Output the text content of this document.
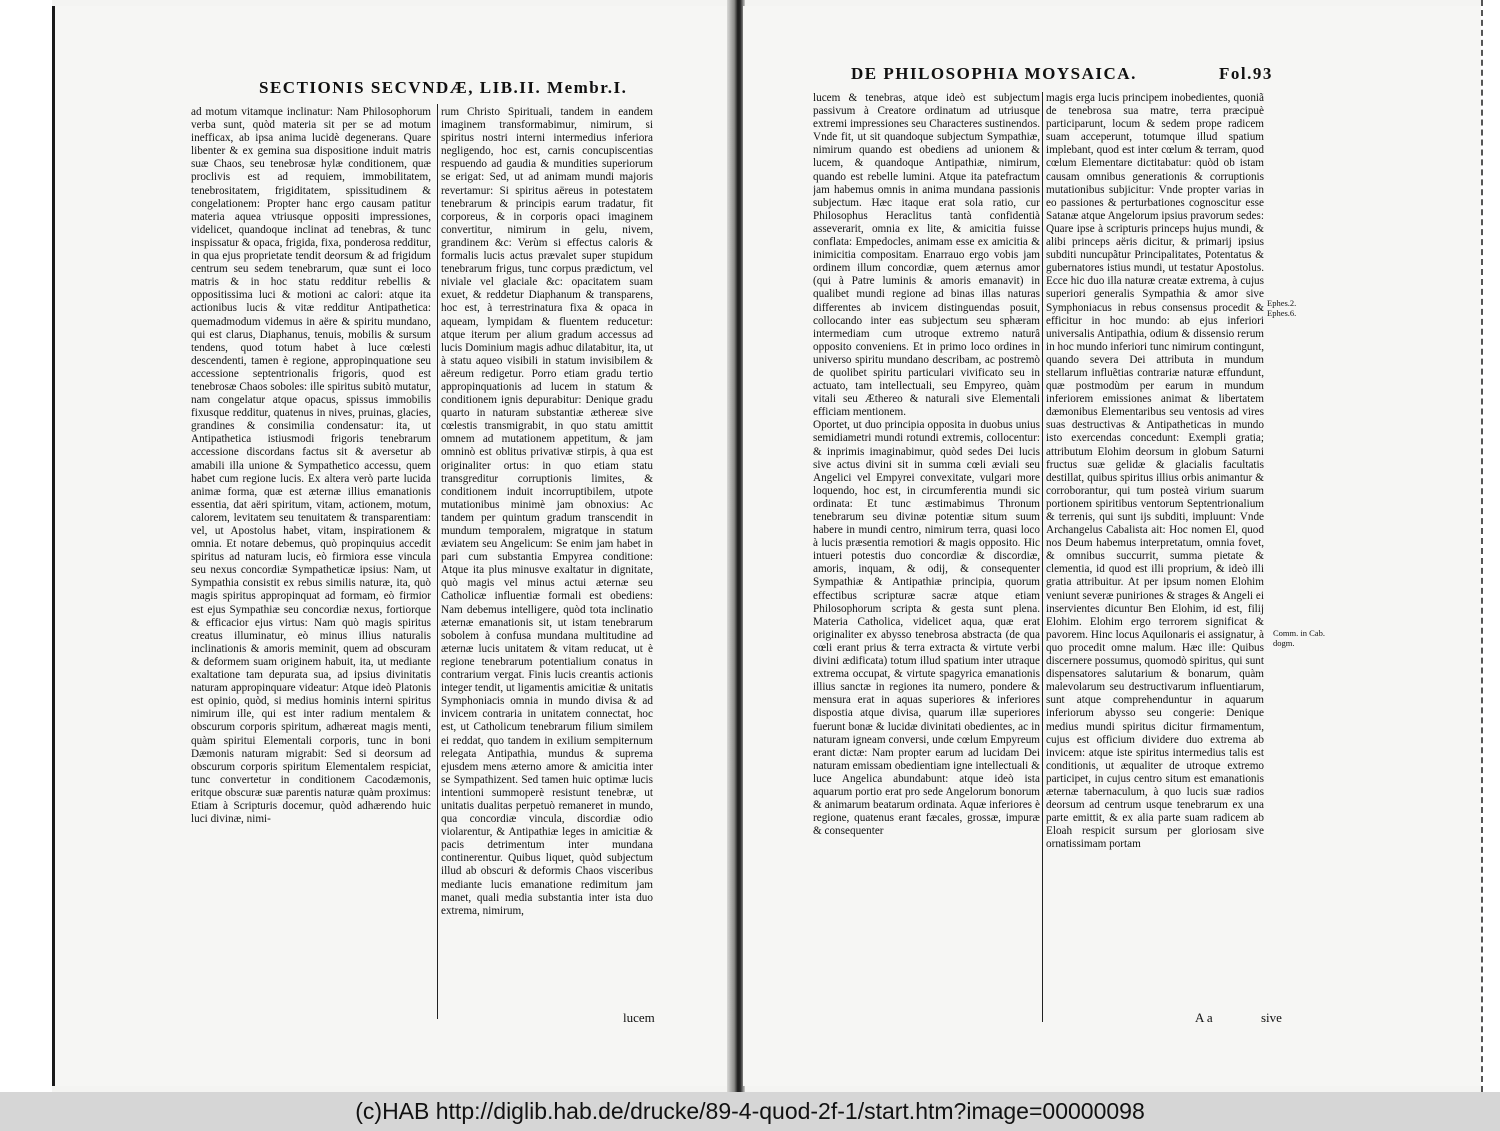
SECTIONIS SECVNDÆ, LIB.II. Membr.I.

ad motum vitamque inclinatur: Nam Philosophorum verba sunt, quòd materia sit per se ad motum inefficax, ab ipsa anima lucidè degenerans. Quare libenter & ex gemina sua dispositione induit matris suæ Chaos, seu tenebrosæ hylæ conditionem, quæ proclivis est ad requiem, immobilitatem, tenebrositatem, frigiditatem, spissitudinem & congelationem: Propter hanc ergo causam patitur materia aquea vtriusque oppositi impressiones, videlicet, quandoque inclinat ad tenebras, & tunc inspissatur & opaca, frigida, fixa, ponderosa redditur, in qua ejus proprietate tendit deorsum & ad frigidum centrum seu sedem tenebrarum, quæ sunt ei loco matris & in hoc statu redditur rebellis & oppositissima luci & motioni ac calori: atque ita actionibus lucis & vitæ redditur Antipathetica: quemadmodum videmus in aëre & spiritu mundano, qui est clarus, Diaphanus, tenuis, mobilis & sursum tendens, quod totum habet à luce cœlesti descendenti, tamen è regione, appropinquatione seu accessione septentrionalis frigoris, quod est tenebrosæ Chaos soboles: ille spiritus subitò mutatur, nam congelatur atque opacus, spissus immobilis fixusque redditur, quatenus in nives, pruinas, glacies, grandines & consimilia condensatur: ita, ut Antipathetica istiusmodi frigoris tenebrarum accessione discordans factus sit & aversetur ab amabili illa unione & Sympathetico accessu, quem habet cum regione lucis. Ex altera verò parte lucida animæ forma, quæ est æternæ illius emanationis essentia, dat aëri spiritum, vitam, actionem, motum, calorem, levitatem seu tenuitatem & transparentiam: vel, ut Apostolus habet, vitam, inspirationem & omnia. Et notare debemus, quò propinquius accedit spiritus ad naturam lucis, eò firmiora esse vincula seu nexus concordiæ Sympatheticæ ipsius: Nam, ut Sympathia consistit ex rebus similis naturæ, ita, quò magis spiritus appropinquat ad formam, eò firmior est ejus Sympathiæ seu concordiæ nexus, fortiorque & efficacior ejus virtus: Nam quò magis spiritus creatus illuminatur, eò minus illius naturalis inclinationis & amoris meminit, quem ad obscuram & deformem suam originem habuit, ita, ut mediante exaltatione tam depurata sua, ad ipsius divinitatis naturam appropinquare videatur: Atque ideò Platonis est opinio, quòd, si medius hominis interni spiritus nimirum ille, qui est inter radium mentalem & obscurum corporis spiritum, adhæreat magis menti, quàm spiritui Elementali corporis, tunc in boni Dæmonis naturam migrabit: Sed si deorsum ad obscurum corporis spiritum Elementalem respiciat, tunc convertetur in conditionem Cacodæmonis, eritque obscuræ suæ parentis naturæ quàm proximus: Etiam à Scripturis docemur, quòd adhærendo huic luci divinæ, nimi-

rum Christo Spirituali, tandem in eandem imaginem transformabimur, nimirum, si spiritus nostri interni intermedius inferiora negligendo, hoc est, carnis concupiscentias respuendo ad gaudia & mundities superiorum se erigat: Sed, ut ad animam mundi majoris revertamur: Si spiritus aëreus in potestatem tenebrarum & principis earum tradatur, fit corporeus, & in corporis opaci imaginem convertitur, nimirum in gelu, nivem, grandinem &c: Verùm si effectus caloris & formalis lucis actus prævalet super stupidum tenebrarum frigus, tunc corpus prædictum, vel niviale vel glaciale &c: opacitatem suam exuet, & reddetur Diaphanum & transparens, hoc est, à terrestrinatura fixa & opaca in aqueam, lympidam & fluentem reducetur: atque iterum per alium gradum accessus ad lucis Dominium magis adhuc dilatabitur, ita, ut à statu aqueo visibili in statum invisibilem & aëreum redigetur. Porro etiam gradu tertio appropinquationis ad lucem in statum & conditionem ignis depurabitur: Denique gradu quarto in naturam substantiæ æthereæ sive cœlestis transmigrabit, in quo statu amittit omnem ad mutationem appetitum, & jam omninò est oblitus privativæ stirpis, à qua est originaliter ortus: in quo etiam statu transgreditur corruptionis limites, & conditionem induit incorruptibilem, utpote mutationibus minimè jam obnoxius: Ac tandem per quintum gradum transcendit in mundum temporalem, migratque in statum æviatem seu Angelicum: Se enim jam habet in pari cum substantia Empyrea conditione: Atque ita plus minusve exaltatur in dignitate, quò magis vel minus actui æternæ seu Catholicæ influentiæ formali est obediens: Nam debemus intelligere, quòd tota inclinatio æternæ emanationis sit, ut istam tenebrarum sobolem à confusa mundana multitudine ad æternæ lucis unitatem & vitam reducat, ut è regione tenebrarum potentialium conatus in contrarium vergat. Finis lucis creantis actionis integer tendit, ut ligamentis amicitiæ & unitatis Symphoniacis omnia in mundo divisa & ad invicem contraria in unitatem connectat, hoc est, ut Catholicum tenebrarum filium similem ei reddat, quo tandem in exilium sempiternum relegata Antipathia, mundus & suprema ejusdem mens æterno amore & amicitia inter se Sympathizent. Sed tamen huic optimæ lucis intentioni summoperè resistunt tenebræ, ut unitatis dualitas perpetuò remaneret in mundo, qua concordiæ vincula, discordiæ odio violarentur, & Antipathiæ leges in amicitiæ & pacis detrimentum inter mundana continerentur. Quibus liquet, quòd subjectum illud ab obscuri & deformis Chaos visceribus mediante lucis emanatione redimitum jam manet, quali media substantia inter ista duo extrema, nimirum,

lucem
DE PHILOSOPHIA MOYSAICA.	Fol.93

lucem & tenebras, atque ideò est subjectum passivum à Creatore ordinatum ad utriusque extremi impressiones seu Characteres sustinendos. Vnde fit, ut sit quandoque subjectum Sympathiæ, nimirum quando est obediens ad unionem & lucem, & quandoque Antipathiæ, nimirum, quando est rebelle lumini. Atque ita patefractum jam habemus omnis in anima mundana passionis subjectum. Hæc itaque erat sola ratio, cur Philosophus Heraclitus tantà confidentià asseverarit, omnia ex lite, & amicitia fuisse conflata: Empedocles, animam esse ex amicitia & inimicitia compositam. Enarrauo ergo vobis jam ordinem illum concordiæ, quem æternus amor (qui à Patre luminis & amoris emanavit) in qualibet mundi regione ad binas illas naturas differentes ab invicem distinguendas posuit, collocando inter eas subjectum seu sphæram intermediam cum utroque extremo naturâ opposito conveniens. Et in primo loco ordines in universo spiritu mundano describam, ac postremò de quolibet spiritu particulari vivificato seu in actuato, tam intellectuali, seu Empyreo, quàm vitali seu Æthereo & naturali sive Elementali efficiam mentionem.
Oportet, ut duo principia opposita in duobus unius semidiametri mundi rotundi extremis, collocentur: & inprimis imaginabimur, quòd sedes Dei lucis sive actus divini sit in summa cœli æviali seu Angelici vel Empyrei convexitate, vulgari more loquendo, hoc est, in circumferentia mundi sic ordinata: Et tunc æstimabimus Thronum tenebrarum seu divinæ potentiæ situm suum habere in mundi centro, nimirum terra, quasi loco à lucis præsentia remotiori & magis opposito. Hic intueri potestis duo concordiæ & discordiæ, amoris, inquam, & odij, & consequenter Sympathiæ & Antipathiæ principia, quorum effectibus scripturæ sacræ atque etiam Philosophorum scripta & gesta sunt plena. Materia Catholica, videlicet aqua, quæ erat originaliter ex abysso tenebrosa abstracta (de qua cœli erant prius & terra extracta & virtute verbi divini ædificata) totum illud spatium inter utraque extrema occupat, & virtute spagyrica emanationis illius sanctæ in regiones ita numero, pondere & mensura erat in aquas superiores & inferiores dispostia atque divisa, quarum illæ superiores fuerunt bonæ & lucidæ divinitati obedientes, ac in naturam igneam conversi, unde cœlum Empyreum erant dictæ: Nam propter earum ad lucidam Dei naturam emissam obedientiam igne intellectuali & luce Angelica abundabunt: atque ideò ista aquarum portio erat pro sede Angelorum bonorum & animarum beatarum ordinata. Aquæ inferiores è regione, quatenus erant fæcales, grossæ, impuræ & consequenter

magis erga lucis principem inobedientes, quoniã de tenebrosa sua matre, terra præcipuè participarunt, locum & sedem prope radicem suam acceperunt, totumque illud spatium implebant, quod est inter cœlum & terram, quod cœlum Elementare dictitabatur: quòd ob istam causam omnibus generationis & corruptionis mutationibus subjicitur: Vnde propter varias in eo passiones & perturbationes cognoscitur esse Satanæ atque Angelorum ipsius pravorum sedes: Quare ipse à scripturis princeps hujus mundi, & alibi princeps aëris dicitur, & primarij ipsius subditi nuncupãtur Principalitates, Potentatus & gubernatores istius mundi, ut testatur Apostolus. Ecce hic duo illa naturæ creatæ extrema, à cujus superiori generalis Sympathia & amor sive Symphoniacus in rebus consensus procedit & efficitur in hoc mundo: ab ejus inferiori universalis Antipathia, odium & dissensio rerum in hoc mundo inferiori tunc nimirum contingunt, quando severa Dei attributa in mundum stellarum influẽtias contrariæ naturæ effundunt, quæ postmodùm per earum in mundum inferiorem emissiones animat & libertatem dæmonibus Elementaribus seu ventosis ad vires suas destructivas & Antipatheticas in mundo isto exercendas concedunt: Exempli gratia; attributum Elohim deorsum in globum Saturni fructus suæ gelidæ & glacialis facultatis destillat, quibus spiritus illius orbis animantur & corroborantur, qui tum posteà virium suarum portionem spiritibus ventorum Septentrionalium & terrenis, qui sunt ijs subditi, impluunt: Vnde Archangelus Cabalista ait: Hoc nomen El, quod nos Deum habemus interpretatum, omnia fovet, & omnibus succurrit, summa pietate & clementia, id quod est illi proprium, & ideò illi gratia attribuitur. At per ipsum nomen Elohim veniunt severæ puniriones & strages & Angeli ei inservientes dicuntur Ben Elohim, id est, filij Elohim. Elohim ergo terrorem significat & pavorem. Hinc locus Aquilonaris ei assignatur, à quo procedit omne malum. Hæc ille: Quibus discernere possumus, quomodò spiritus, qui sunt dispensatores salutarium & bonarum, quàm malevolarum seu destructivarum influentiarum, sunt atque comprehenduntur in aquarum inferiorum abysso seu congerie: Denique medius mundi spiritus dicitur firmamentum, cujus est officium dividere duo extrema ab invicem: atque iste spiritus intermedius talis est conditionis, ut æqualiter de utroque extremo participet, in cujus centro situm est emanationis æternæ tabernaculum, à quo lucis suæ radios deorsum ad centrum usque tenebrarum ex una parte emittit, & ex alia parte suam radicem ab Eloah respicit sursum per gloriosam sive ornatissimam portam

Ephes.2.
Ephes.6.
Comm. in Cab. dogm.
A a	sive
(c)HAB http://diglib.hab.de/drucke/89-4-quod-2f-1/start.htm?image=00000098
